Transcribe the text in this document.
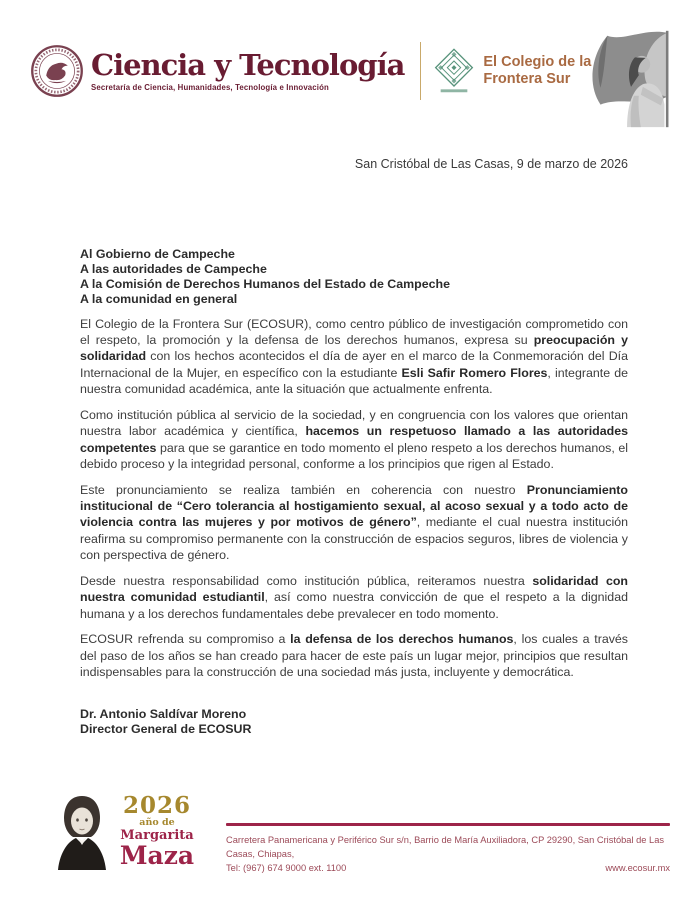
Ciencia y Tecnología
Secretaría de Ciencia, Humanidades, Tecnología e Innovación
El Colegio de la
Frontera Sur
San Cristóbal de Las Casas, 9 de marzo de 2026
Al Gobierno de Campeche
A las autoridades de Campeche
A la Comisión de Derechos Humanos del Estado de Campeche
A la comunidad en general

El Colegio de la Frontera Sur (ECOSUR), como centro público de investigación comprometido con el respeto, la promoción y la defensa de los derechos humanos, expresa su preocupación y solidaridad con los hechos acontecidos el día de ayer en el marco de la Conmemoración del Día Internacional de la Mujer, en específico con la estudiante Esli Safir Romero Flores, integrante de nuestra comunidad académica, ante la situación que actualmente enfrenta.

Como institución pública al servicio de la sociedad, y en congruencia con los valores que orientan nuestra labor académica y científica, hacemos un respetuoso llamado a las autoridades competentes para que se garantice en todo momento el pleno respeto a los derechos humanos, el debido proceso y la integridad personal, conforme a los principios que rigen al Estado.

Este pronunciamiento se realiza también en coherencia con nuestro Pronunciamiento institucional de “Cero tolerancia al hostigamiento sexual, al acoso sexual y a todo acto de violencia contra las mujeres y por motivos de género”, mediante el cual nuestra institución reafirma su compromiso permanente con la construcción de espacios seguros, libres de violencia y con perspectiva de género.

Desde nuestra responsabilidad como institución pública, reiteramos nuestra solidaridad con nuestra comunidad estudiantil, así como nuestra convicción de que el respeto a la dignidad humana y a los derechos fundamentales debe prevalecer en todo momento.

ECOSUR refrenda su compromiso a la defensa de los derechos humanos, los cuales a través del paso de los años se han creado para hacer de este país un lugar mejor, principios que resultan indispensables para la construcción de una sociedad más justa, incluyente y democrática.

Dr. Antonio Saldívar Moreno
Director General de ECOSUR
2026
año de
Margarita
Maza
Carretera Panamericana y Periférico Sur s/n, Barrio de María Auxiliadora, CP 29290, San Cristóbal de Las Casas, Chiapas,
Tel: (967) 674 9000 ext. 1100	www.ecosur.mx
